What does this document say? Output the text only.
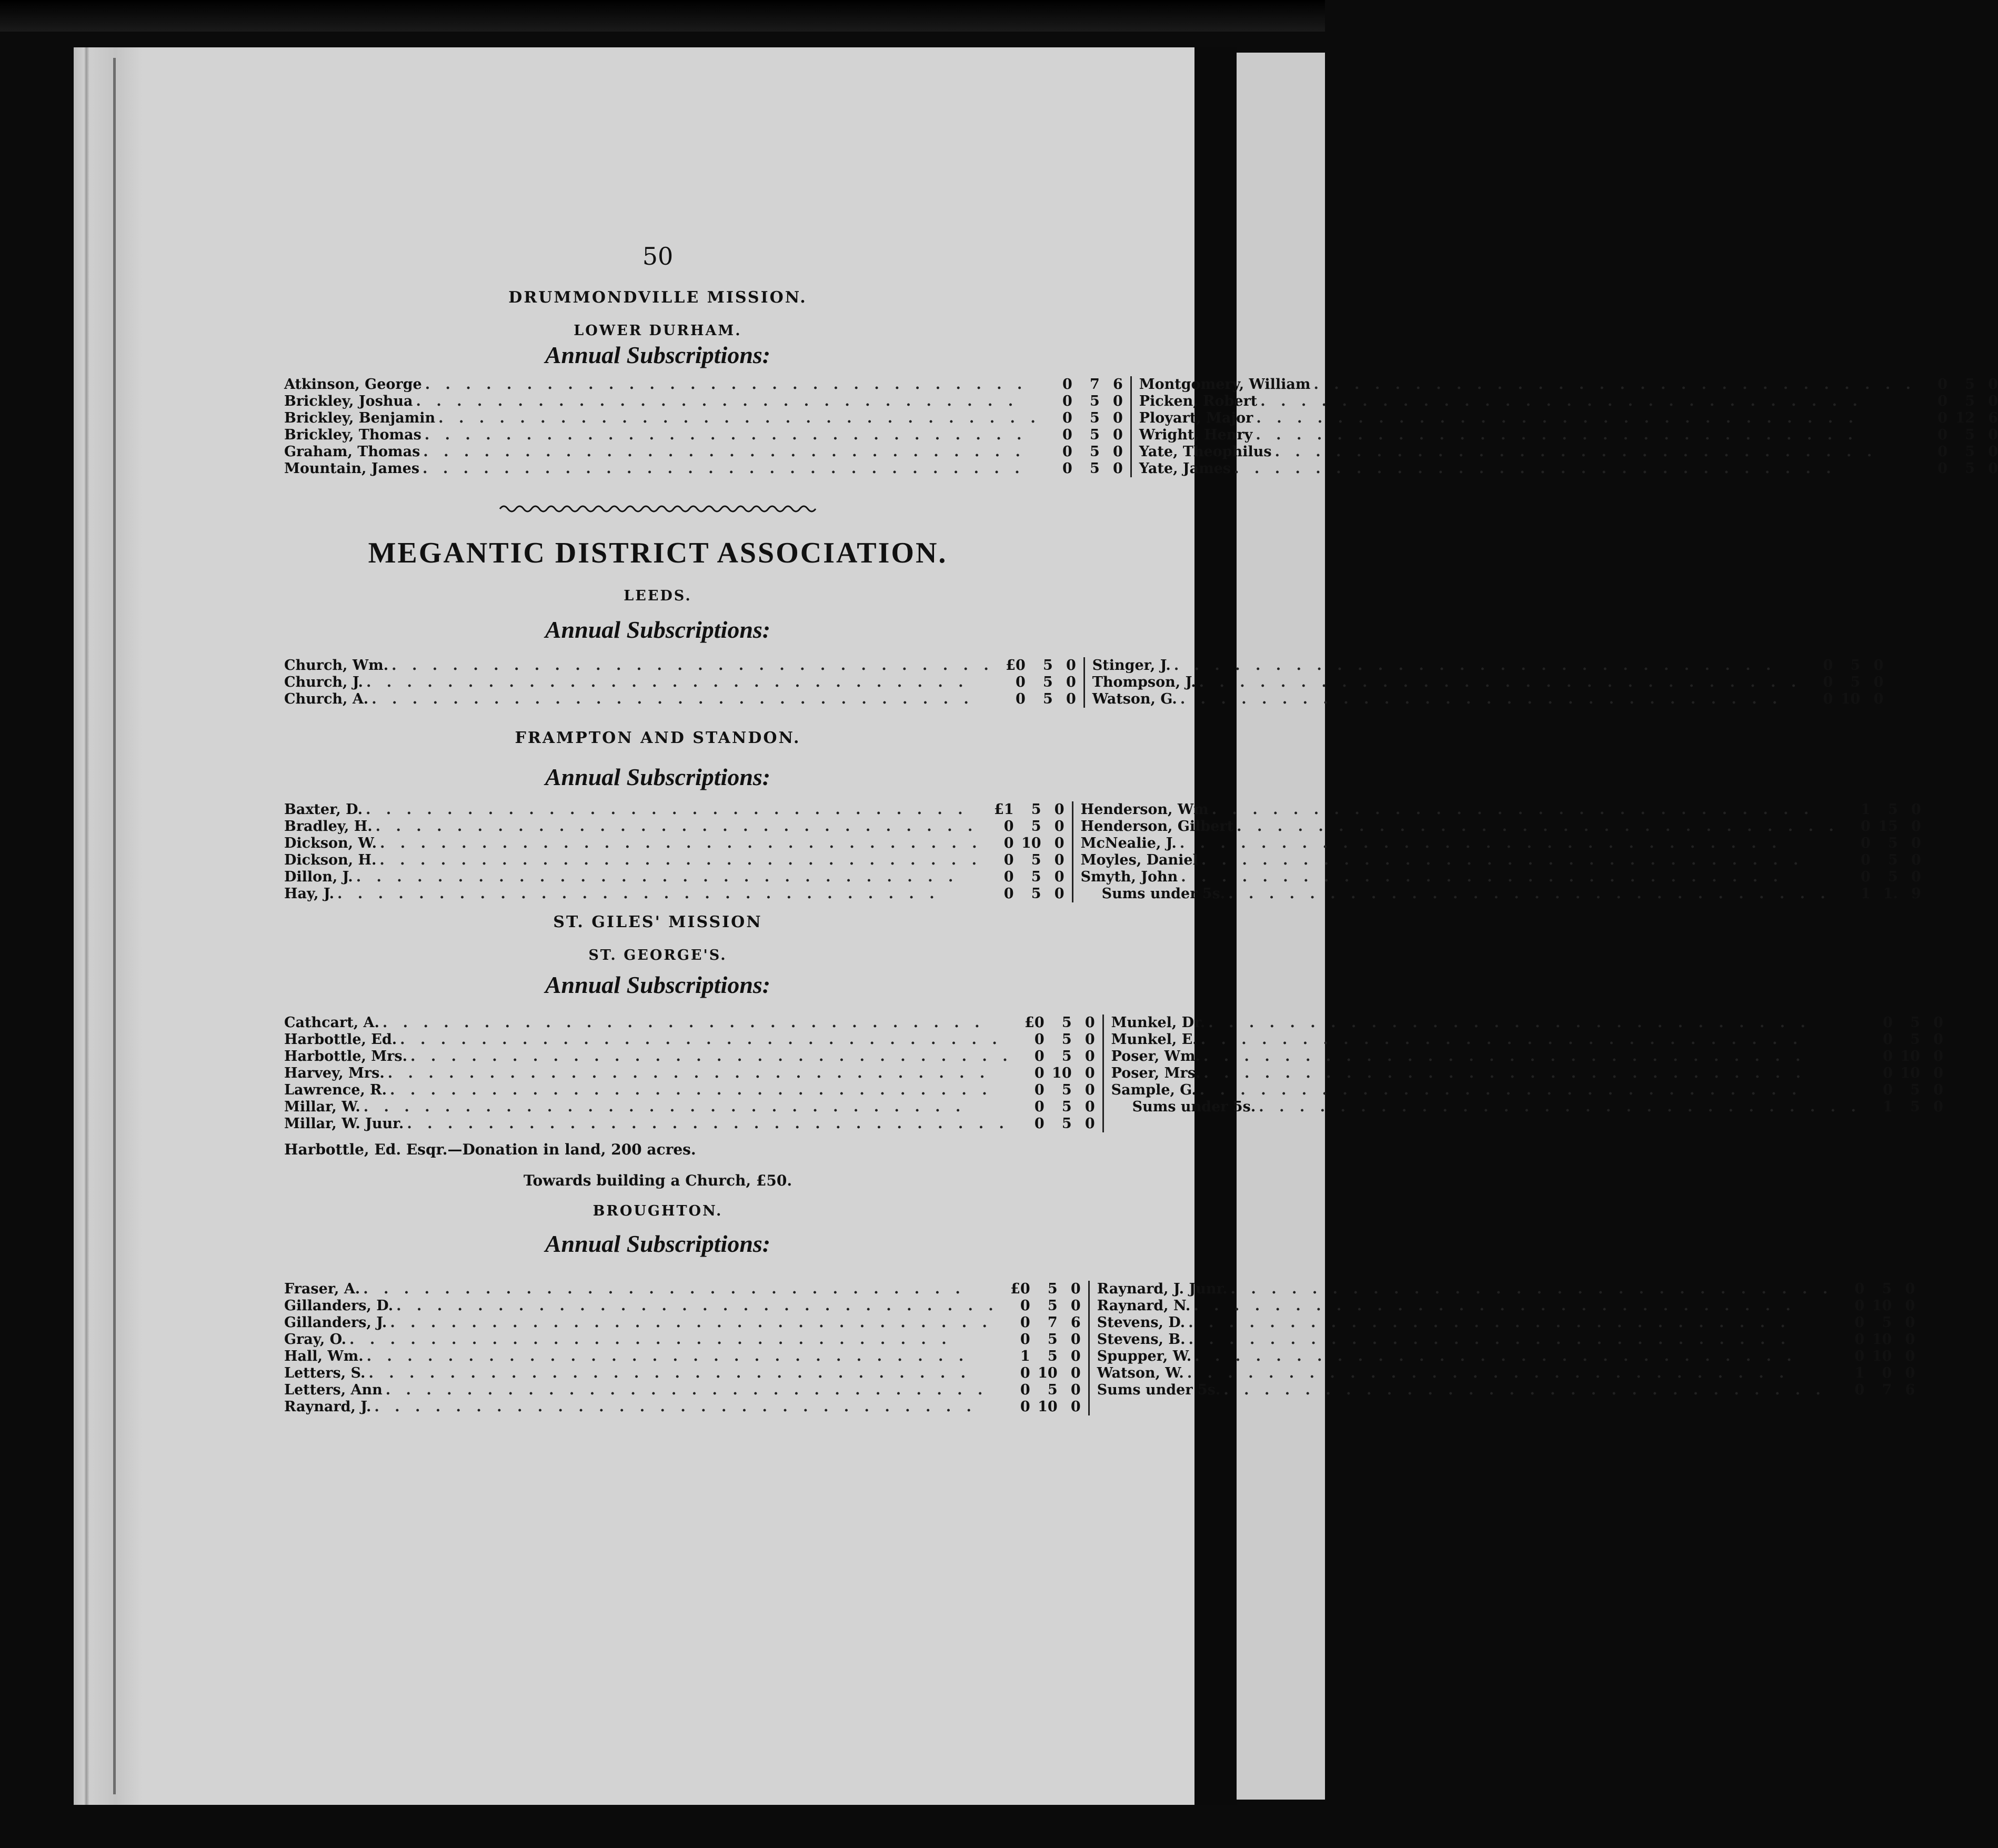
50
DRUMMONDVILLE MISSION.
LOWER DURHAM.
Annual Subscriptions:
Atkinson, George . . . . . . . . . . . . . . . . . . . . . . . . . . . . . .	0	7 6
Brickley, Joshua . . . . . . . . . . . . . . . . . . . . . . . . . . . . . .	0	5 0
Brickley, Benjamin . . . . . . . . . . . . . . . . . . . . . . . . . . . . . .	0	5 0
Brickley, Thomas . . . . . . . . . . . . . . . . . . . . . . . . . . . . . .	0	5 0
Graham, Thomas . . . . . . . . . . . . . . . . . . . . . . . . . . . . . .	0	5 0
Mountain, James . . . . . . . . . . . . . . . . . . . . . . . . . . . . . .	0	5 0
Montgomery, William . . . . . . . . . . . . . . . . . . . . . . . . . . . . . .	0	5 0
Picken, Robert . . . . . . . . . . . . . . . . . . . . . . . . . . . . . .	0	5 0
Ployart, Major . . . . . . . . . . . . . . . . . . . . . . . . . . . . . .	0 12 6
Wright, Henry . . . . . . . . . . . . . . . . . . . . . . . . . . . . . .	0	5 0
Yate, Theophilus . . . . . . . . . . . . . . . . . . . . . . . . . . . . . .	0	5 0
Yate, James . . . . . . . . . . . . . . . . . . . . . . . . . . . . . .	0	5 0
MEGANTIC DISTRICT ASSOCIATION.
LEEDS.
Annual Subscriptions:
Church, Wm. . . . . . . . . . . . . . . . . . . . . . . . . . . . . . . £0	5 0
Church, J. . . . . . . . . . . . . . . . . . . . . . . . . . . . . . .	0	5 0
Church, A. . . . . . . . . . . . . . . . . . . . . . . . . . . . . . .	0	5 0
Stinger, J. . . . . . . . . . . . . . . . . . . . . . . . . . . . . . .	0	5 0
Thompson, J. . . . . . . . . . . . . . . . . . . . . . . . . . . . . . .	0	5 0
Watson, G. . . . . . . . . . . . . . . . . . . . . . . . . . . . . . .	0 10 0
FRAMPTON AND STANDON.
Annual Subscriptions:
Baxter, D. . . . . . . . . . . . . . . . . . . . . . . . . . . . . . .	£1	5 0
Bradley, H. . . . . . . . . . . . . . . . . . . . . . . . . . . . . . .	0	5 0
Dickson, W. . . . . . . . . . . . . . . . . . . . . . . . . . . . . . .	0 10 0
Dickson, H. . . . . . . . . . . . . . . . . . . . . . . . . . . . . . .	0	5 0
Dillon, J. . . . . . . . . . . . . . . . . . . . . . . . . . . . . . .	0	5 0
Hay, J. . . . . . . . . . . . . . . . . . . . . . . . . . . . . . .	0	5 0
Henderson, Wm . . . . . . . . . . . . . . . . . . . . . . . . . . . . . .	1	5 0
Henderson, Gilbert . . . . . . . . . . . . . . . . . . . . . . . . . . . . . .	0 15 0
McNealie, J. . . . . . . . . . . . . . . . . . . . . . . . . . . . . . .	0	5 0
Moyles, Daniel . . . . . . . . . . . . . . . . . . . . . . . . . . . . . .	0	5 0
Smyth, John . . . . . . . . . . . . . . . . . . . . . . . . . . . . . .	0	5 0
Sums under 5s. . . . . . . . . . . . . . . . . . . . . . . . . . . . . . .	1 1. 9
ST. GILES' MISSION
ST. GEORGE'S.
Annual Subscriptions:
Cathcart, A. . . . . . . . . . . . . . . . . . . . . . . . . . . . . . .	£0	5 0
Harbottle, Ed. . . . . . . . . . . . . . . . . . . . . . . . . . . . . . .	0	5 0
Harbottle, Mrs. . . . . . . . . . . . . . . . . . . . . . . . . . . . . . .	0	5 0
Harvey, Mrs. . . . . . . . . . . . . . . . . . . . . . . . . . . . . . .	0 10 0
Lawrence, R. . . . . . . . . . . . . . . . . . . . . . . . . . . . . . .	0	5 0
Millar, W. . . . . . . . . . . . . . . . . . . . . . . . . . . . . . .	0	5 0
Millar, W. Juur. . . . . . . . . . . . . . . . . . . . . . . . . . . . . . .	0	5 0
Munkel, Dr. . . . . . . . . . . . . . . . . . . . . . . . . . . . . . .	0	5 0
Munkel, E. . . . . . . . . . . . . . . . . . . . . . . . . . . . . . .	0	5 0
Poser, Wm. . . . . . . . . . . . . . . . . . . . . . . . . . . . . . .	0 10 0
Poser, Mrs. . . . . . . . . . . . . . . . . . . . . . . . . . . . . . .	0 10 0
Sample, G. . . . . . . . . . . . . . . . . . . . . . . . . . . . . . .	0	5 0
Sums under 5s. . . . . . . . . . . . . . . . . . . . . . . . . . . . . . .	1	5 0
Harbottle, Ed. Esqr.—Donation in land, 200 acres.
Towards building a Church, £50.
BROUGHTON.
Annual Subscriptions:
Fraser, A. . . . . . . . . . . . . . . . . . . . . . . . . . . . . . .	£0	5 0
Gillanders, D. . . . . . . . . . . . . . . . . . . . . . . . . . . . . . .	0	5 0
Gillanders, J. . . . . . . . . . . . . . . . . . . . . . . . . . . . . . .	0	7 6
Gray, O. . . . . . . . . . . . . . . . . . . . . . . . . . . . . . .	0	5 0
Hall, Wm. . . . . . . . . . . . . . . . . . . . . . . . . . . . . . .	1	5 0
Letters, S. . . . . . . . . . . . . . . . . . . . . . . . . . . . . . .	0 10 0
Letters, Ann . . . . . . . . . . . . . . . . . . . . . . . . . . . . . .	0	5 0
Raynard, J. . . . . . . . . . . . . . . . . . . . . . . . . . . . . . .	0 10 0
Raynard, J. Junr. . . . . . . . . . . . . . . . . . . . . . . . . . . . . . .	0	5 0
Raynard, N. . . . . . . . . . . . . . . . . . . . . . . . . . . . . . .	0 10 0
Stevens, D. . . . . . . . . . . . . . . . . . . . . . . . . . . . . . .	0	5 0
Stevens, B. . . . . . . . . . . . . . . . . . . . . . . . . . . . . . .	0 10 0
Spupper, W. . . . . . . . . . . . . . . . . . . . . . . . . . . . . . .	0 10 0
Watson, W. . . . . . . . . . . . . . . . . . . . . . . . . . . . . . .	1	0 0
Sums under 5s. . . . . . . . . . . . . . . . . . . . . . . . . . . . . . .	0	7 6
